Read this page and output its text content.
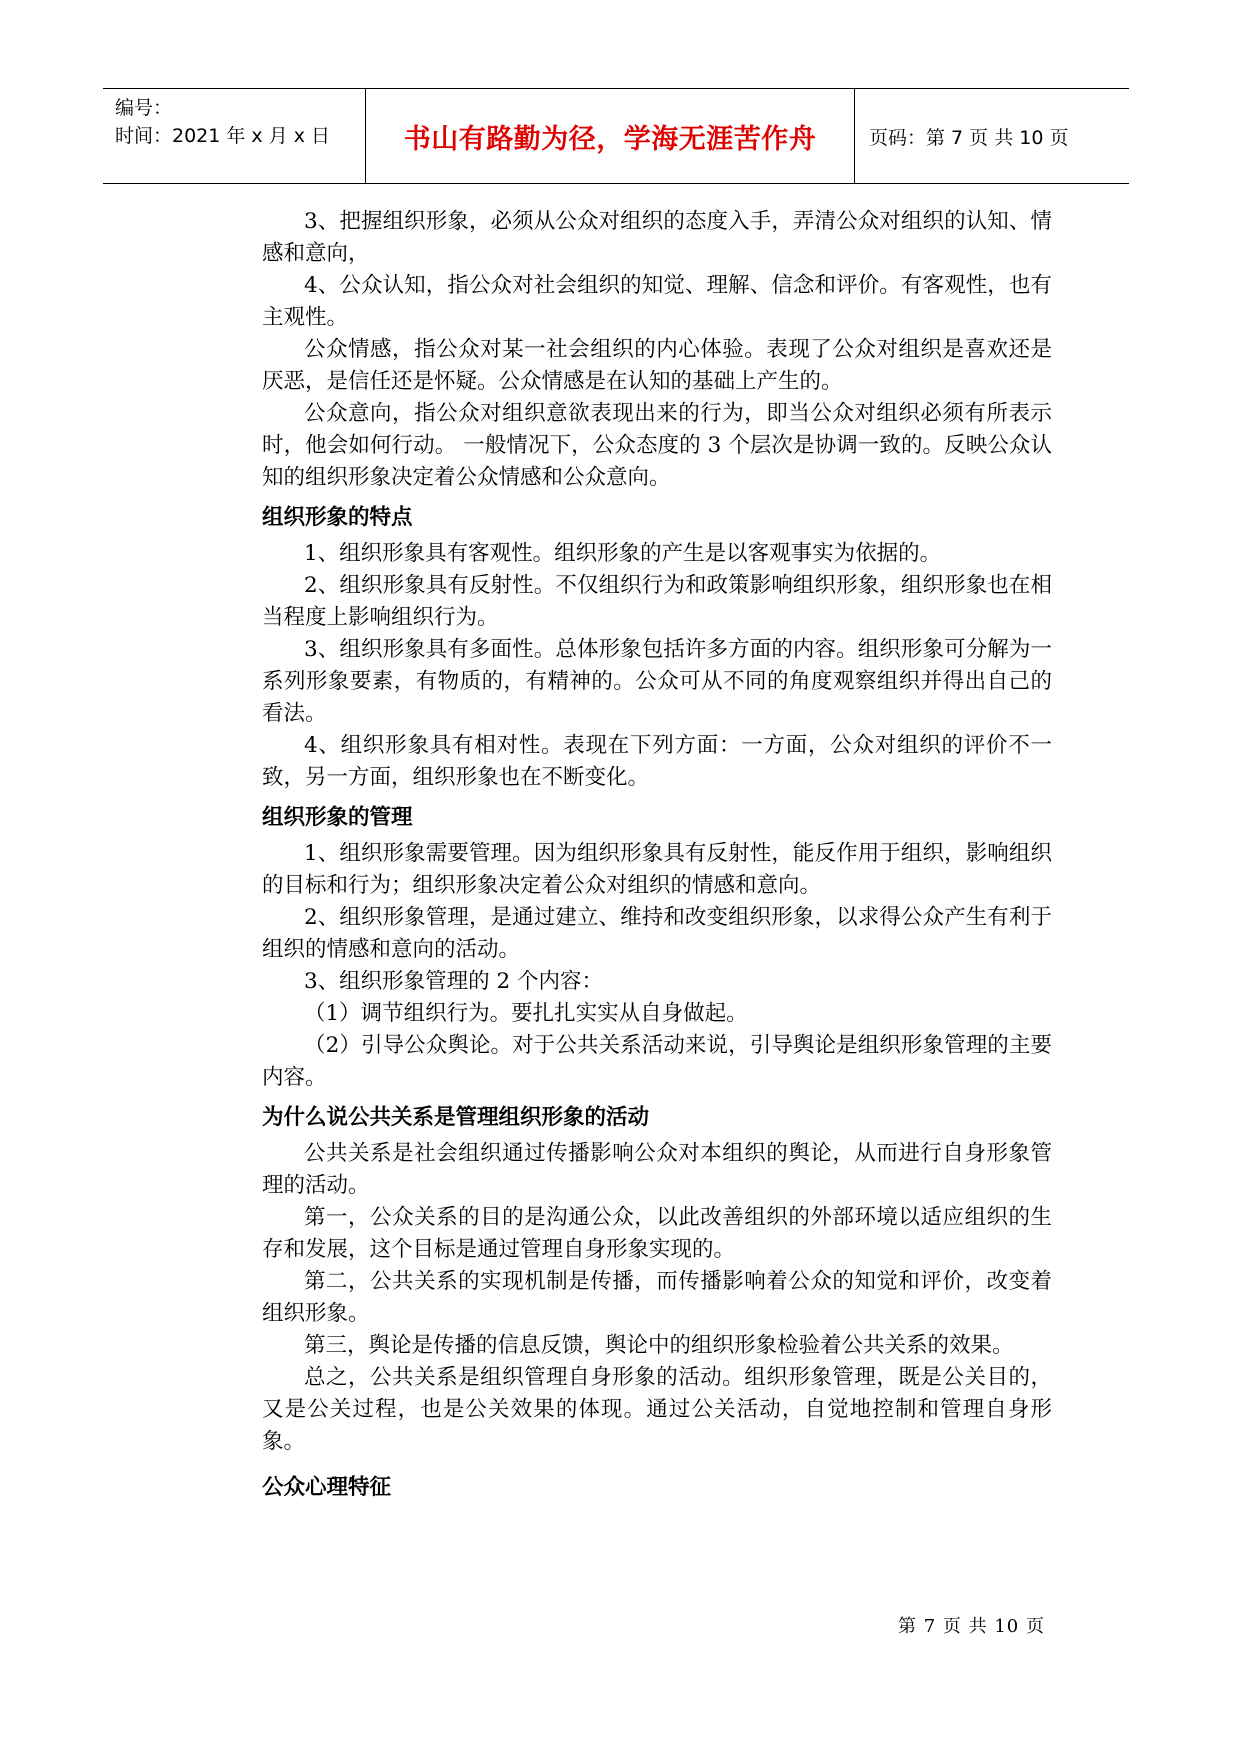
编号：
时间：2021 年 x 月 x 日	书山有路勤为径，学海无涯苦作舟	页码：第 7 页 共 10 页

3、把握组织形象，必须从公众对组织的态度入手，弄清公众对组织的认知、情感和意向，

4、公众认知，指公众对社会组织的知觉、理解、信念和评价。有客观性，也有主观性。

公众情感，指公众对某一社会组织的内心体验。表现了公众对组织是喜欢还是厌恶，是信任还是怀疑。公众情感是在认知的基础上产生的。

公众意向，指公众对组织意欲表现出来的行为，即当公众对组织必须有所表示时，他会如何行动。 一般情况下，公众态度的 3 个层次是协调一致的。反映公众认知的组织形象决定着公众情感和公众意向。

组织形象的特点

1、组织形象具有客观性。组织形象的产生是以客观事实为依据的。

2、组织形象具有反射性。不仅组织行为和政策影响组织形象，组织形象也在相当程度上影响组织行为。

3、组织形象具有多面性。总体形象包括许多方面的内容。组织形象可分解为一系列形象要素，有物质的，有精神的。公众可从不同的角度观察组织并得出自己的看法。

4、组织形象具有相对性。表现在下列方面：一方面，公众对组织的评价不一致，另一方面，组织形象也在不断变化。

组织形象的管理

1、组织形象需要管理。因为组织形象具有反射性，能反作用于组织，影响组织的目标和行为；组织形象决定着公众对组织的情感和意向。

2、组织形象管理，是通过建立、维持和改变组织形象，以求得公众产生有利于组织的情感和意向的活动。

3、组织形象管理的 2 个内容：

（1）调节组织行为。要扎扎实实从自身做起。

（2）引导公众舆论。对于公共关系活动来说，引导舆论是组织形象管理的主要内容。

为什么说公共关系是管理组织形象的活动

公共关系是社会组织通过传播影响公众对本组织的舆论，从而进行自身形象管理的活动。

第一，公众关系的目的是沟通公众，以此改善组织的外部环境以适应组织的生存和发展，这个目标是通过管理自身形象实现的。

第二，公共关系的实现机制是传播，而传播影响着公众的知觉和评价，改变着组织形象。

第三，舆论是传播的信息反馈，舆论中的组织形象检验着公共关系的效果。

总之，公共关系是组织管理自身形象的活动。组织形象管理，既是公关目的，又是公关过程，也是公关效果的体现。通过公关活动，自觉地控制和管理自身形象。

公众心理特征
第 7 页 共 10 页
